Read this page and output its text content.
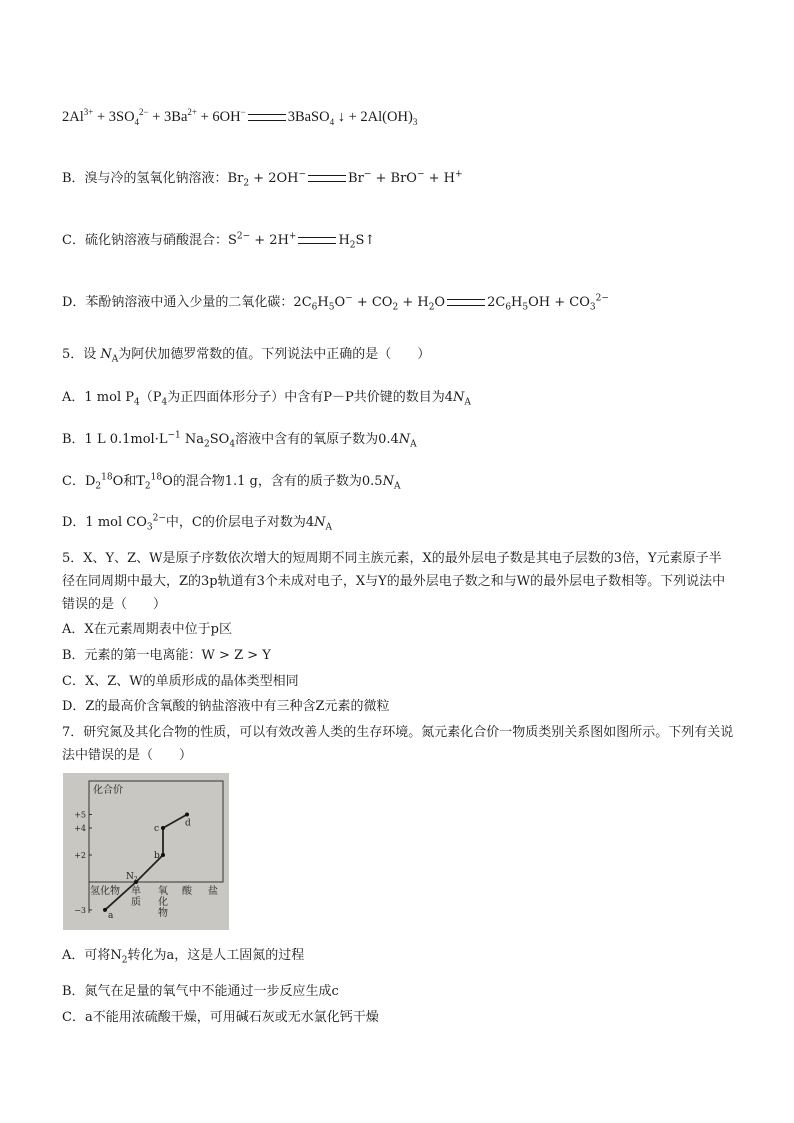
$2Al^{3+} + 3SO_4^{2-} + 3Ba^{2+} + 6OH^-$	3BaSO$_4$ ↓ + $2Al(OH)_3$
B．溴与冷的氢氧化钠溶液：$Br_2 + 2OH^-$	Br− + BrO− + H+
C．硫化钠溶液与硝酸混合：$S^{2-} + 2H^+$	$H_2S↑$
D．苯酚钠溶液中通入少量的二氧化碳：$2C_6H_5O^- + CO_2 + H_2O$	$2C_6H_5OH + CO_3^{2-}$
5．设 $N_A$为阿伏加德罗常数的值。下列说法中正确的是（　　）
A．1 mol $P_4(P_4$为正四面体形分子）中含有P－P共价键的数目为$4N_A$
B．1 L $0.1mol\cdot L^{-1}$ $Na_2SO_4$溶液中含有的氧原子数为$0.4N_A$
C．$D_2^{18}O$和$T_2^{18}O$的混合物1.1 g，含有的质子数为$0.5N_A$
D．1 mol $CO_3^{2-}$中，C的价层电子对数为$4N_A$
5．X、Y、Z、W是原子序数依次增大的短周期不同主族元素，X的最外层电子数是其电子层数的3倍，Y元素原子半径在同周期中最大，Z的3p轨道有3个未成对电子，X与Y的最外层电子数之和与W的最外层电子数相等。下列说法中错误的是（　　）
A．X在元素周期表中位于p区
B．元素的第一电离能：W > Z > Y
C．X、Z、W的单质形成的晶体类型相同
D．Z的最高价含氧酸的钠盐溶液中有三种含Z元素的微粒
7．研究氮及其化合物的性质，可以有效改善人类的生存环境。氮元素化合价一物质类别关系图如图所示。下列有关说法中错误的是（　　）
+5
+4
+2
−3
化合价
氢化物 单
质
氧
化
物
酸 盐
a
$N_2$
b
c
d
A．可将$N_2$转化为a，这是人工固氮的过程
B．氮气在足量的氧气中不能通过一步反应生成c
C．a不能用浓硫酸干燥，可用碱石灰或无水氯化钙干燥
